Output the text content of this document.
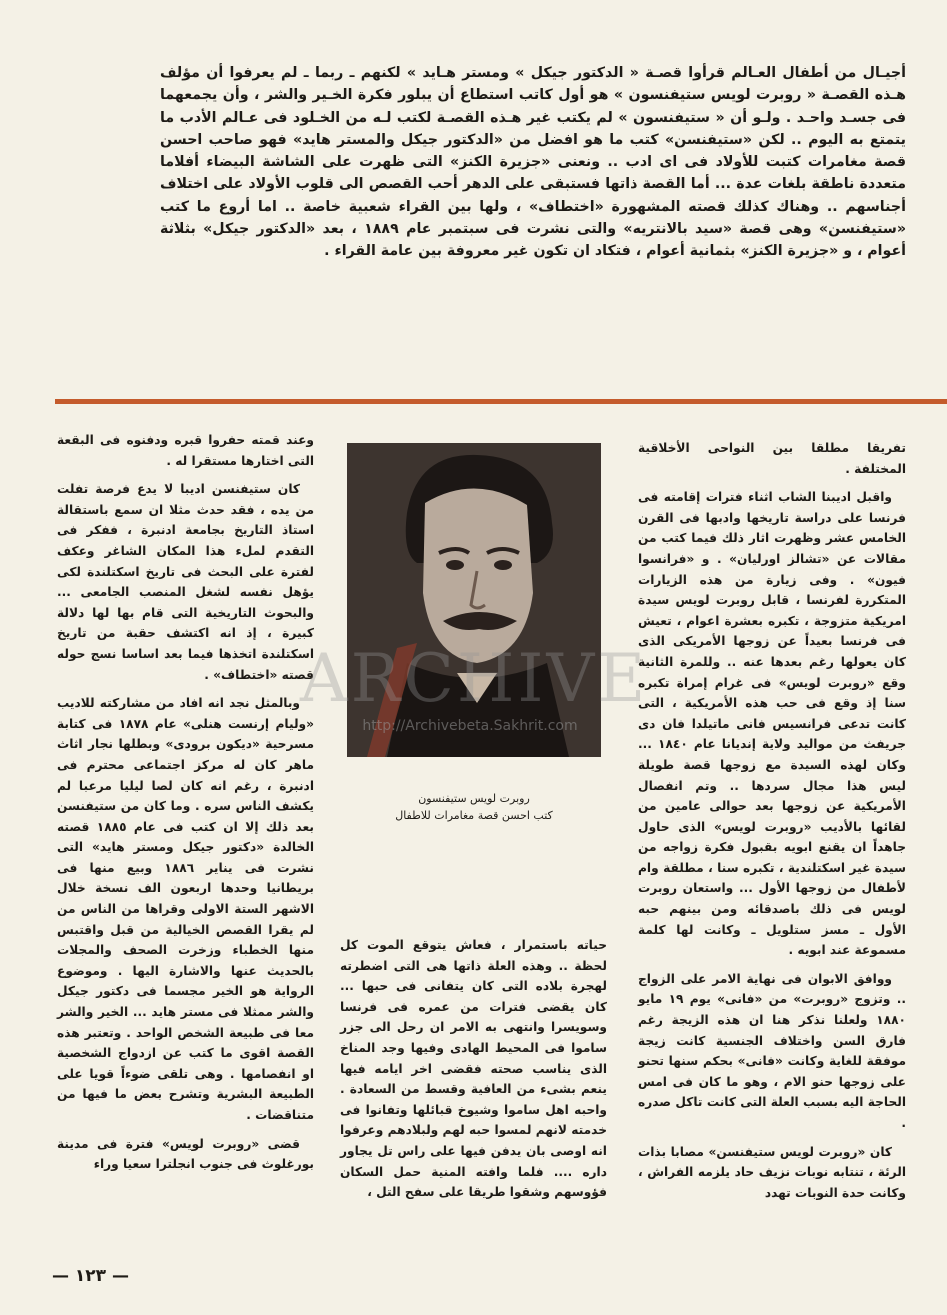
أجيـال من أطفال العـالم قرأوا قصـة « الدكتور جيكل » ومستر هـايد » لكنهم ـ ربما ـ لم يعرفوا أن مؤلف هـذه القصـة « روبرت لويس ستيفنسون » هو أول كاتب استطاع أن يبلور فكرة الخـير والشر ، وأن يجمعهما فى جسـد واحـد . ولـو أن « ستيفنسون » لم يكتب غير هـذه القصـة لكتب لـه من الخـلود فى عـالم الأدب ما يتمتع به اليوم .. لكن «ستيفنسن» كتب ما هو افضل من «الدكتور جيكل والمستر هايد» فهو صاحب احسن قصة مغامرات كتبت للأولاد فى اى ادب .. ونعنى «جزيرة الكنز» التى ظهرت على الشاشة البيضاء أفلاما متعددة ناطقة بلغات عدة ... أما القصة ذاتها فستبقى على الدهر أحب القصص الى قلوب الأولاد على اختلاف أجناسهم .. وهناك كذلك قصته المشهورة «اختطاف» ، ولها بين القراء شعبية خاصة .. اما أروع ما كتب «ستيفنسن» وهى قصة «سيد بالانتريه» والتى نشرت فى سبتمبر عام ١٨٨٩ ، بعد «الدكتور جيكل» بثلاثة أعوام ، و «جزيرة الكنز» بثمانية أعوام ، فتكاد ان تكون غير معروفة بين عامة القراء .

تفريقا مطلقا بين النواحى الأخلاقية المختلفة .

واقبل اديبنا الشاب اثناء فترات إقامته فى فرنسا على دراسة تاريخها وادبها فى القرن الخامس عشر وظهرت اثار ذلك فيما كتب من مقالات عن «تشالز اورليان» . و «فرانسوا فيون» . وفى زيارة من هذه الزيارات المتكررة لفرنسا ، قابل روبرت لويس سيدة امريكية متزوجة ، تكبره بعشرة اعوام ، تعيش فى فرنسا بعيداً عن زوجها الأمريكى الذى كان يعولها رغم بعدها عنه .. وللمرة الثانية وقع «روبرت لويس» فى غرام إمراة تكبره سنا إذ وقع فى حب هذه الأمريكية ، التى كانت تدعى فرانسيس فانى ماتيلدا فان دى جريفث من مواليد ولاية إنديانا عام ١٨٤٠ ... وكان لهذه السيدة مع زوجها قصة طويلة ليس هذا مجال سردها .. وتم انفصال الأمريكية عن زوجها بعد حوالى عامين من لقائها بالأديب «روبرت لويس» الذى حاول جاهداً ان يقنع ابويه بقبول فكرة زواجه من سيدة غير اسكتلندية ، تكبره سنا ، مطلقة وام لأطفال من زوجها الأول ... واستعان روبرت لويس فى ذلك باصدقائه ومن بينهم حبه الأول ـ مسز ستلويل ـ وكانت لها كلمة مسموعة عند ابويه .

ووافق الابوان فى نهاية الامر على الزواج .. وتزوج «روبرت» من «فانى» يوم ١٩ مايو ١٨٨٠ ولعلنا نذكر هنا ان هذه الزيجة رغم فارق السن واختلاف الجنسية كانت زيجة موفقة للغاية وكانت «فانى» بحكم سنها تحنو على زوجها حنو الام ، وهو ما كان فى امس الحاجة اليه بسبب العلة التى كانت تاكل صدره .

كان «روبرت لويس ستيفنسن» مصابا بذات الرئة ، تنتابه نوبات نزيف حاد يلزمه الفراش ، وكانت حدة النوبات تهدد

روبرت لويس ستيفنسون
كتب احسن قصة مغامرات للاطفال

حياته باستمرار ، فعاش يتوقع الموت كل لحظة .. وهذه العلة ذاتها هى التى اضطرته لهجرة بلاده التى كان يتفانى فى حبها ... كان يقضى فترات من عمره فى فرنسا وسويسرا وانتهى به الامر ان رحل الى جزر ساموا فى المحيط الهادى وفيها وجد المناخ الذى يناسب صحته فقضى اخر ايامه فيها ينعم بشىء من العافية وقسط من السعادة . واحبه اهل ساموا وشيوخ قبائلها وتفانوا فى خدمته لانهم لمسوا حبه لهم ولبلادهم وعرفوا انه اوصى بان يدفن فيها على راس تل يجاور داره .... فلما وافته المنية حمل السكان فؤوسهم وشقوا طريقا على سفح التل ،

وعند قمته حفروا قبره ودفنوه فى البقعة التى اختارها مستقرا له .

كان ستيفنسن اديبا لا يدع فرصة تفلت من يده ، فقد حدث مثلا ان سمع باستقالة استاذ التاريخ بجامعة ادنبرة ، ففكر فى التقدم لملء هذا المكان الشاغر وعكف لفترة على البحث فى تاريخ اسكتلندة لكى يؤهل نفسه لشغل المنصب الجامعى ... والبحوث التاريخية التى قام بها لها دلالة كبيرة ، إذ انه اكتشف حقبة من تاريخ اسكتلندة اتخذها فيما بعد اساسا نسج حوله قصته «اختطاف» .

وبالمثل نجد انه افاد من مشاركته للاديب «وليام إرنست هنلى» عام ١٨٧٨ فى كتابة مسرحية «ديكون برودى» وبطلها نجار اثاث ماهر كان له مركز اجتماعى محترم فى ادنبرة ، رغم انه كان لصا ليليا مرعبا لم يكشف الناس سره . وما كان من ستيفنسن بعد ذلك إلا ان كتب فى عام ١٨٨٥ قصته الخالدة «دكتور جيكل ومستر هايد» التى نشرت فى يناير ١٨٨٦ وبيع منها فى بريطانيا وحدها اربعون الف نسخة خلال الاشهر الستة الاولى وقراها من الناس من لم يقرا القصص الخيالية من قبل واقتبس منها الخطباء وزخرت الصحف والمجلات بالحديث عنها والاشارة اليها . وموضوع الرواية هو الخير مجسما فى دكتور جيكل والشر ممثلا فى مستر هايد ... الخير والشر معا فى طبيعة الشخص الواحد . وتعتبر هذه القصة اقوى ما كتب عن ازدواج الشخصية او انفصامها . وهى تلقى ضوءاً قويا على الطبيعة البشرية وتشرح بعض ما فيها من متناقضات .

قضى «روبرت لويس» فترة فى مدينة بورغلوث فى جنوب انجلترا سعيا وراء

ARCHIVE
http://Archivebeta.Sakhrit.com
— ١٢٣ —
